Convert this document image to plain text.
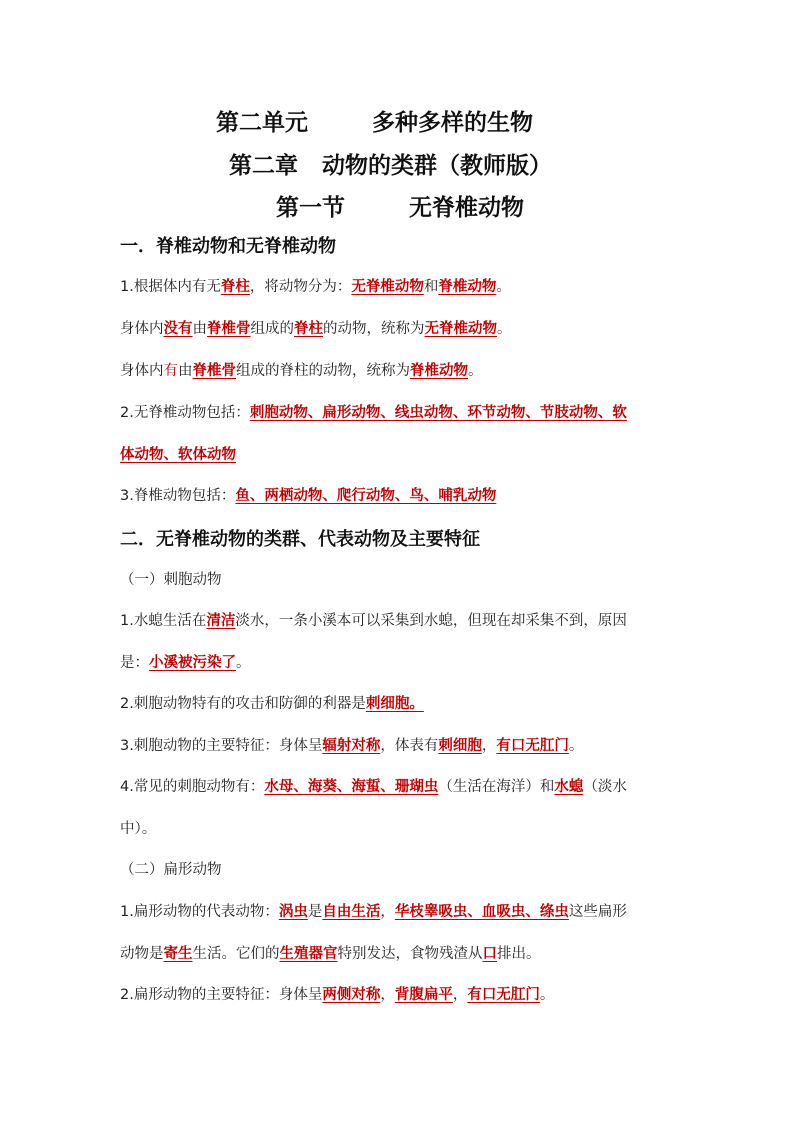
第二单元        多种多样的生物
第二章   动物的类群（教师版）
第一节        无脊椎动物
一．脊椎动物和无脊椎动物
1.根据体内有无脊柱，将动物分为：无脊椎动物和脊椎动物。
身体内没有由脊椎骨组成的脊柱的动物，统称为无脊椎动物。
身体内有由脊椎骨组成的脊柱的动物，统称为脊椎动物。
2.无脊椎动物包括：刺胞动物、扁形动物、线虫动物、环节动物、节肢动物、软
体动物、软体动物
3.脊椎动物包括：鱼、两栖动物、爬行动物、鸟、哺乳动物
二．无脊椎动物的类群、代表动物及主要特征
（一）刺胞动物
1.水螅生活在清洁淡水，一条小溪本可以采集到水螅，但现在却采集不到，原因
是：小溪被污染了。
2.刺胞动物特有的攻击和防御的利器是刺细胞。
3.刺胞动物的主要特征：身体呈辐射对称，体表有刺细胞，有口无肛门。
4.常见的刺胞动物有：水母、海葵、海蜇、珊瑚虫（生活在海洋）和水螅（淡水
中）。
（二）扁形动物
1.扁形动物的代表动物：涡虫是自由生活，华枝睾吸虫、血吸虫、绦虫这些扁形
动物是寄生生活。它们的生殖器官特别发达，食物残渣从口排出。
2.扁形动物的主要特征：身体呈两侧对称，背腹扁平，有口无肛门。
